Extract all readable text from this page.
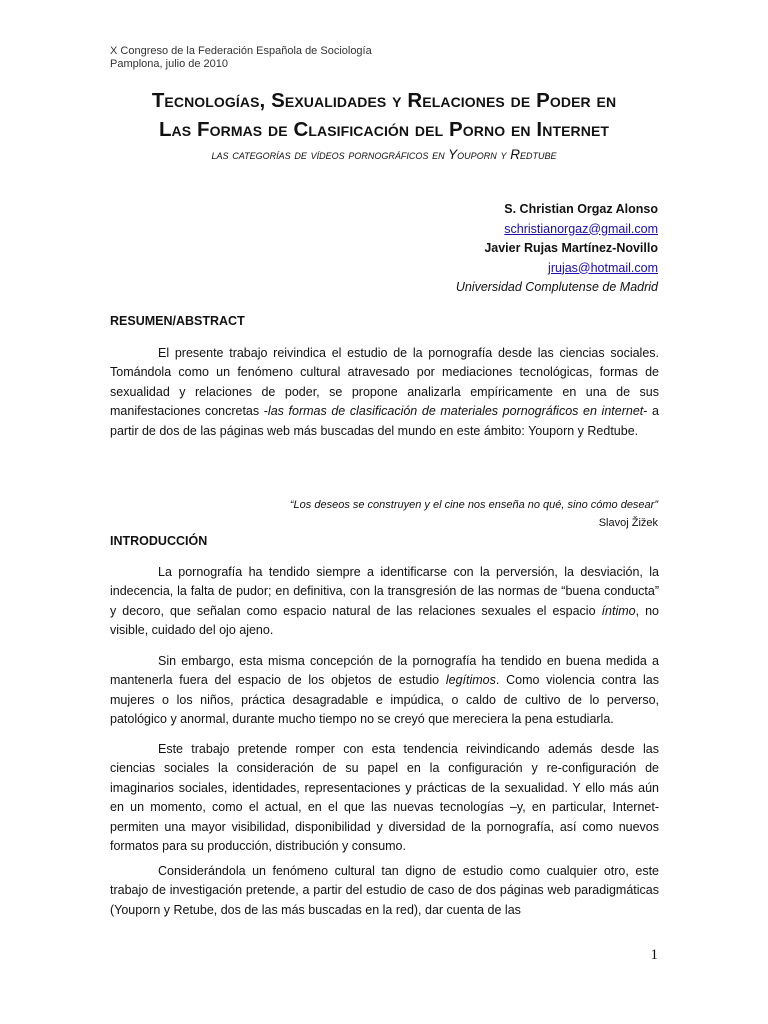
X Congreso de la Federación Española de Sociología
Pamplona, julio de 2010
Tecnologías, Sexualidades y Relaciones de Poder en
Las Formas de Clasificación del Porno en Internet
las categorías de vídeos pornográficos en Youporn y Redtube
S. Christian Orgaz Alonso
schristianorgaz@gmail.com
Javier Rujas Martínez-Novillo
jrujas@hotmail.com
Universidad Complutense de Madrid
RESUMEN/ABSTRACT

El presente trabajo reivindica el estudio de la pornografía desde las ciencias sociales. Tomándola como un fenómeno cultural atravesado por mediaciones tecnológicas, formas de sexualidad y relaciones de poder, se propone analizarla empíricamente en una de sus manifestaciones concretas -las formas de clasificación de materiales pornográficos en internet- a partir de dos de las páginas web más buscadas del mundo en este ámbito: Youporn y Redtube.

“Los deseos se construyen y el cine nos enseña no qué, sino cómo desear”
Slavoj Žižek
INTRODUCCIÓN

La pornografía ha tendido siempre a identificarse con la perversión, la desviación, la indecencia, la falta de pudor; en definitiva, con la transgresión de las normas de “buena conducta” y decoro, que señalan como espacio natural de las relaciones sexuales el espacio íntimo, no visible, cuidado del ojo ajeno.

Sin embargo, esta misma concepción de la pornografía ha tendido en buena medida a mantenerla fuera del espacio de los objetos de estudio legítimos. Como violencia contra las mujeres o los niños, práctica desagradable e impúdica, o caldo de cultivo de lo perverso, patológico y anormal, durante mucho tiempo no se creyó que mereciera la pena estudiarla.

Este trabajo pretende romper con esta tendencia reivindicando además desde las ciencias sociales la consideración de su papel en la configuración y re-configuración de imaginarios sociales, identidades, representaciones y prácticas de la sexualidad. Y ello más aún en un momento, como el actual, en el que las nuevas tecnologías –y, en particular, Internet- permiten una mayor visibilidad, disponibilidad y diversidad de la pornografía, así como nuevos formatos para su producción, distribución y consumo.

Considerándola un fenómeno cultural tan digno de estudio como cualquier otro, este trabajo de investigación pretende, a partir del estudio de caso de dos páginas web paradigmáticas (Youporn y Retube, dos de las más buscadas en la red), dar cuenta de las

1
